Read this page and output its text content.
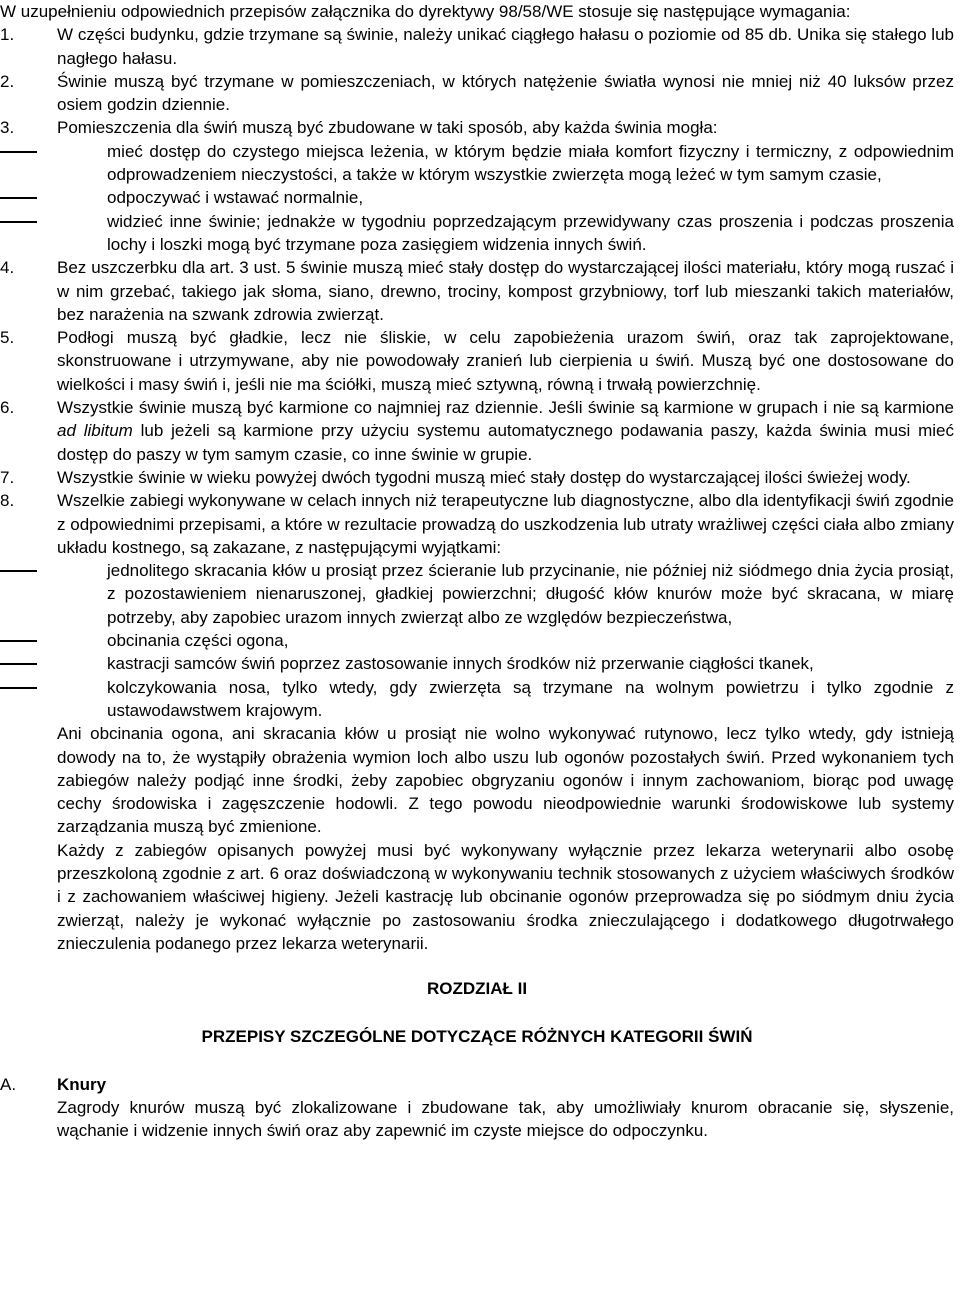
W uzupełnieniu odpowiednich przepisów załącznika do dyrektywy 98/58/WE stosuje się następujące wymagania:

1.	W części budynku, gdzie trzymane są świnie, należy unikać ciągłego hałasu o poziomie od 85 db. Unika się stałego lub nagłego hałasu.

2.	Świnie muszą być trzymane w pomieszczeniach, w których natężenie światła wynosi nie mniej niż 40 luksów przez osiem godzin dziennie.

3.	Pomieszczenia dla świń muszą być zbudowane w taki sposób, aby każda świnia mogła:

mieć dostęp do czystego miejsca leżenia, w którym będzie miała komfort fizyczny i termiczny, z odpowiednim odprowadzeniem nieczystości, a także w którym wszystkie zwierzęta mogą leżeć w tym samym czasie,
odpoczywać i wstawać normalnie,
widzieć inne świnie; jednakże w tygodniu poprzedzającym przewidywany czas proszenia i podczas proszenia lochy i loszki mogą być trzymane poza zasięgiem widzenia innych świń.
4.	Bez uszczerbku dla art. 3 ust. 5 świnie muszą mieć stały dostęp do wystarczającej ilości materiału, który mogą ruszać i w nim grzebać, takiego jak słoma, siano, drewno, trociny, kompost grzybniowy, torf lub mieszanki takich materiałów, bez narażenia na szwank zdrowia zwierząt.

5.	Podłogi muszą być gładkie, lecz nie śliskie, w celu zapobieżenia urazom świń, oraz tak zaprojektowane, skonstruowane i utrzymywane, aby nie powodowały zranień lub cierpienia u świń. Muszą być one dostosowane do wielkości i masy świń i, jeśli nie ma ściółki, muszą mieć sztywną, równą i trwałą powierzchnię.

6.	Wszystkie świnie muszą być karmione co najmniej raz dziennie. Jeśli świnie są karmione w grupach i nie są karmione ad libitum lub jeżeli są karmione przy użyciu systemu automatycznego podawania paszy, każda świnia musi mieć dostęp do paszy w tym samym czasie, co inne świnie w grupie.

7.	Wszystkie świnie w wieku powyżej dwóch tygodni muszą mieć stały dostęp do wystarczającej ilości świeżej wody.

8.	Wszelkie zabiegi wykonywane w celach innych niż terapeutyczne lub diagnostyczne, albo dla identyfikacji świń zgodnie z odpowiednimi przepisami, a które w rezultacie prowadzą do uszkodzenia lub utraty wrażliwej części ciała albo zmiany układu kostnego, są zakazane, z następującymi wyjątkami:

jednolitego skracania kłów u prosiąt przez ścieranie lub przycinanie, nie później niż siódmego dnia życia prosiąt, z pozostawieniem nienaruszonej, gładkiej powierzchni; długość kłów knurów może być skracana, w miarę potrzeby, aby zapobiec urazom innych zwierząt albo ze względów bezpieczeństwa,
obcinania części ogona,
kastracji samców świń poprzez zastosowanie innych środków niż przerwanie ciągłości tkanek,
kolczykowania nosa, tylko wtedy, gdy zwierzęta są trzymane na wolnym powietrzu i tylko zgodnie z ustawodawstwem krajowym.

Ani obcinania ogona, ani skracania kłów u prosiąt nie wolno wykonywać rutynowo, lecz tylko wtedy, gdy istnieją dowody na to, że wystąpiły obrażenia wymion loch albo uszu lub ogonów pozostałych świń. Przed wykonaniem tych zabiegów należy podjąć inne środki, żeby zapobiec obgryzaniu ogonów i innym zachowaniom, biorąc pod uwagę cechy środowiska i zagęszczenie hodowli. Z tego powodu nieodpowiednie warunki środowiskowe lub systemy zarządzania muszą być zmienione.

Każdy z zabiegów opisanych powyżej musi być wykonywany wyłącznie przez lekarza weterynarii albo osobę przeszkoloną zgodnie z art. 6 oraz doświadczoną w wykonywaniu technik stosowanych z użyciem właściwych środków i z zachowaniem właściwej higieny. Jeżeli kastrację lub obcinanie ogonów przeprowadza się po siódmym dniu życia zwierząt, należy je wykonać wyłącznie po zastosowaniu środka znieczulającego i dodatkowego długotrwałego znieczulenia podanego przez lekarza weterynarii.

ROZDZIAŁ II

PRZEPISY SZCZEGÓLNE DOTYCZĄCE RÓŻNYCH KATEGORII ŚWIŃ

A.	Knury

Zagrody knurów muszą być zlokalizowane i zbudowane tak, aby umożliwiały knurom obracanie się, słyszenie, wąchanie i widzenie innych świń oraz aby zapewnić im czyste miejsce do odpoczynku.
